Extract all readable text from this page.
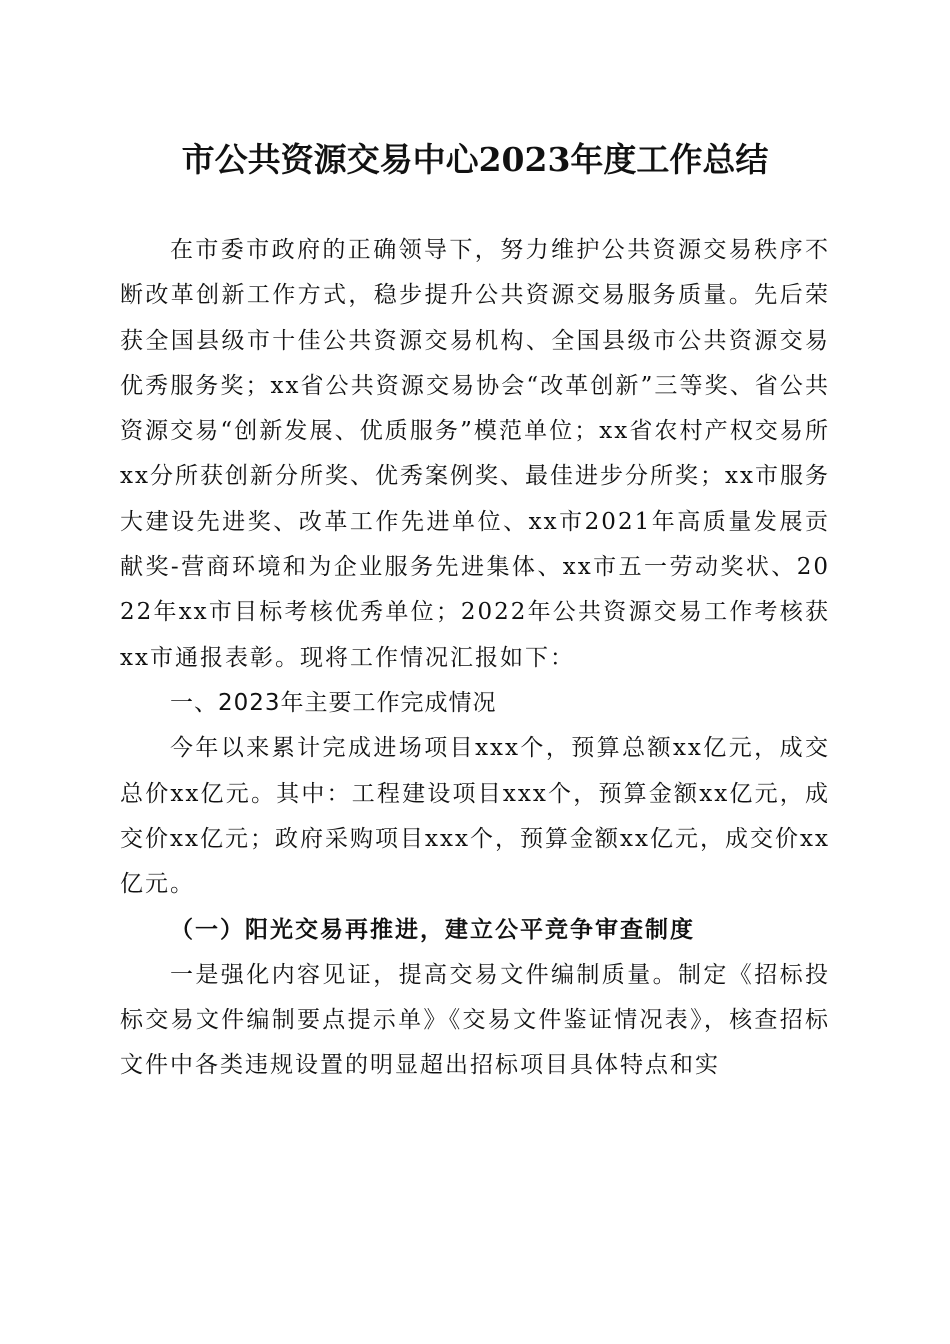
市公共资源交易中心2023年度工作总结

在市委市政府的正确领导下，努力维护公共资源交易秩序不断改革创新工作方式，稳步提升公共资源交易服务质量。先后荣获全国县级市十佳公共资源交易机构、全国县级市公共资源交易优秀服务奖；xx省公共资源交易协会“改革创新”三等奖、省公共资源交易“创新发展、优质服务”模范单位；xx省农村产权交易所xx分所获创新分所奖、优秀案例奖、最佳进步分所奖；xx市服务大建设先进奖、改革工作先进单位、xx市2021年高质量发展贡献奖-营商环境和为企业服务先进集体、xx市五一劳动奖状、2022年xx市目标考核优秀单位；2022年公共资源交易工作考核获xx市通报表彰。现将工作情况汇报如下：

一、2023年主要工作完成情况

今年以来累计完成进场项目xxx个，预算总额xx亿元，成交总价xx亿元。其中：工程建设项目xxx个，预算金额xx亿元，成交价xx亿元；政府采购项目xxx个，预算金额xx亿元，成交价xx亿元。

（一）阳光交易再推进，建立公平竞争审查制度

一是强化内容见证，提高交易文件编制质量。制定《招标投标交易文件编制要点提示单》《交易文件鉴证情况表》，核查招标文件中各类违规设置的明显超出招标项目具体特点和实
